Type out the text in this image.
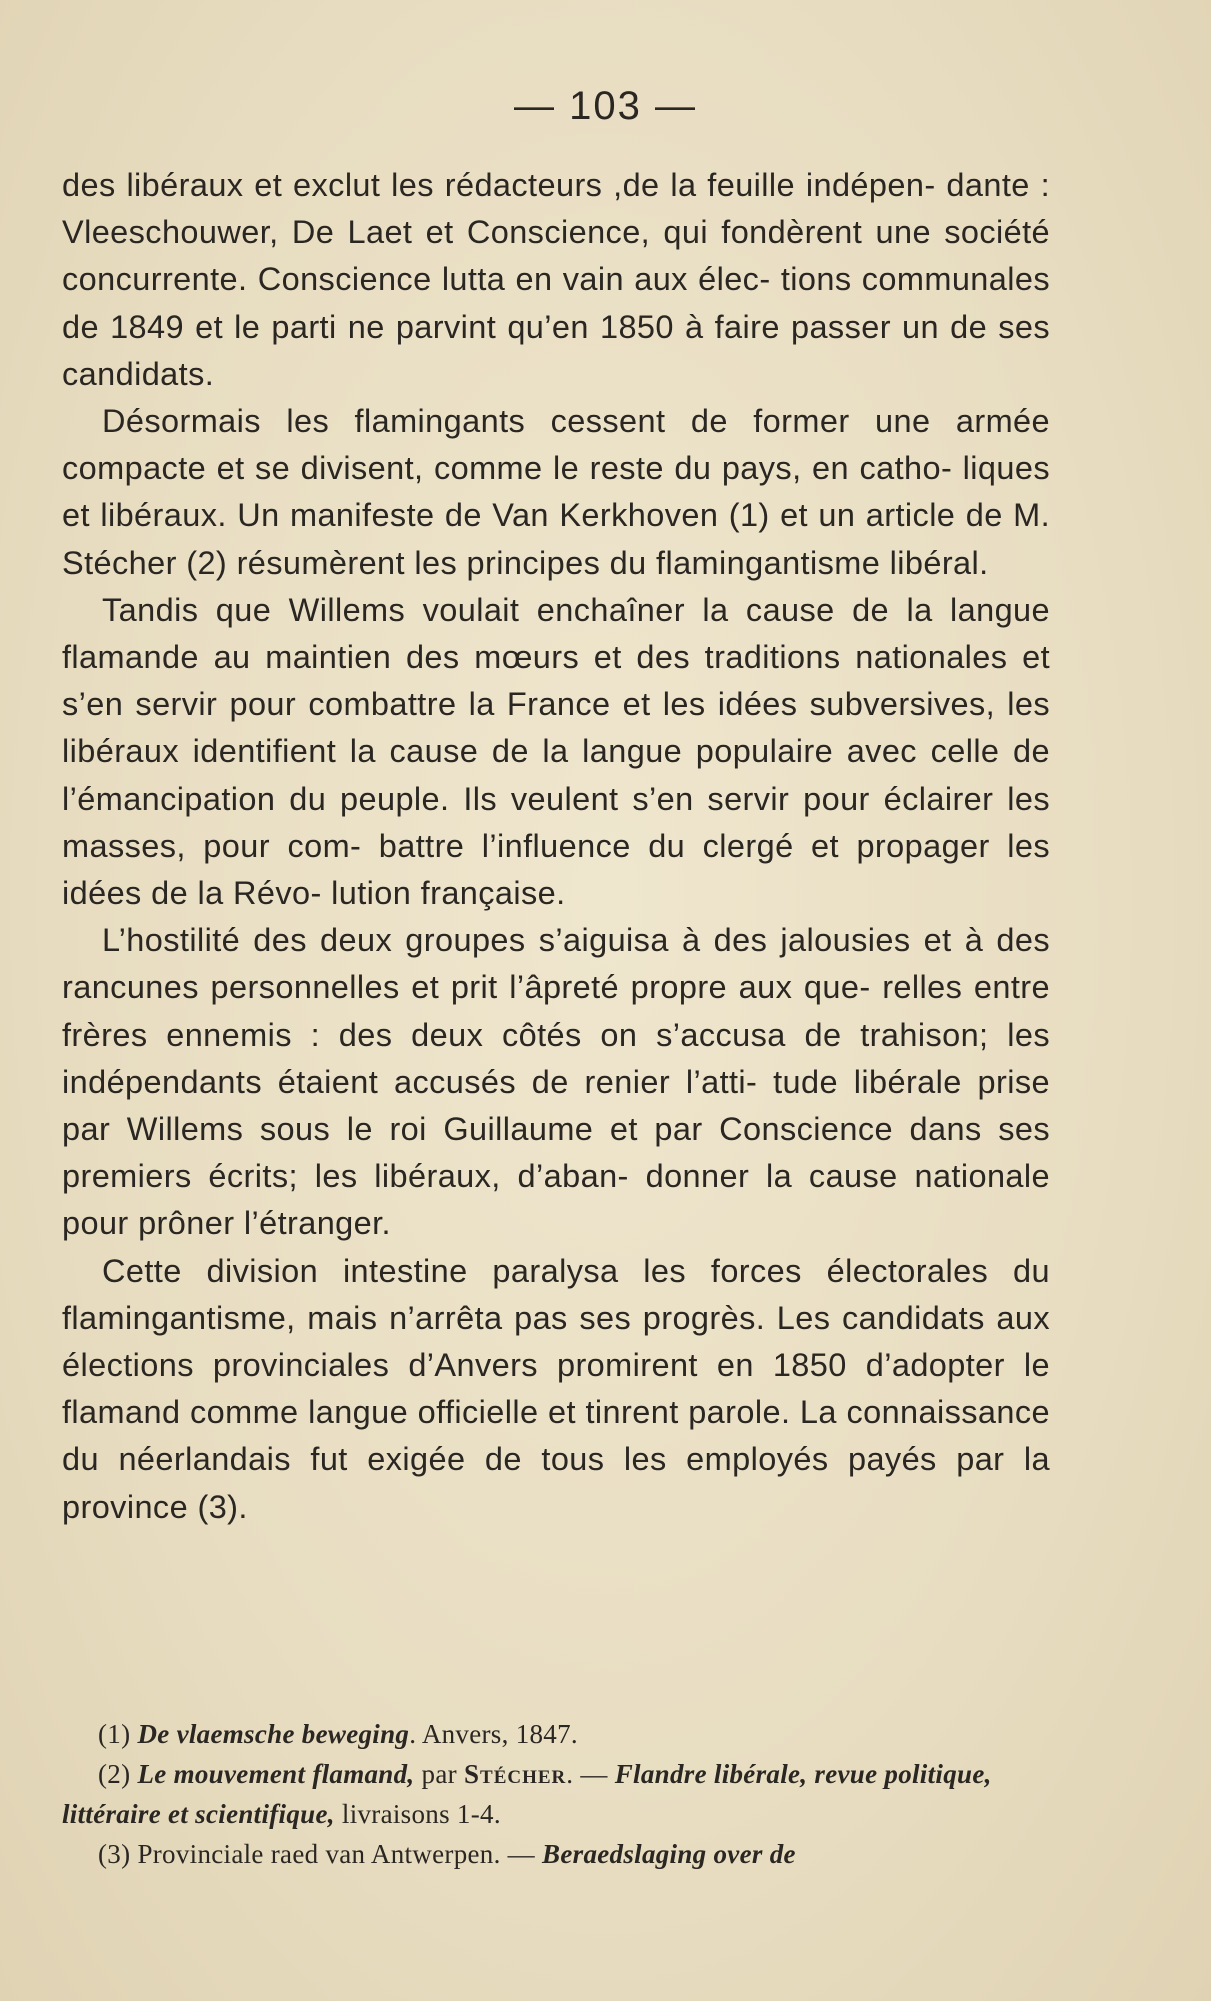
— 103 —

des libéraux et exclut les rédacteurs ,de la feuille indépen- dante : Vleeschouwer, De Laet et Conscience, qui fondèrent une société concurrente. Conscience lutta en vain aux élec- tions communales de 1849 et le parti ne parvint qu’en 1850 à faire passer un de ses candidats.

Désormais les flamingants cessent de former une armée compacte et se divisent, comme le reste du pays, en catho- liques et libéraux. Un manifeste de Van Kerkhoven (1) et un article de M. Stécher (2) résumèrent les principes du flamingantisme libéral.

Tandis que Willems voulait enchaîner la cause de la langue flamande au maintien des mœurs et des traditions nationales et s’en servir pour combattre la France et les idées subversives, les libéraux identifient la cause de la langue populaire avec celle de l’émancipation du peuple. Ils veulent s’en servir pour éclairer les masses, pour com- battre l’influence du clergé et propager les idées de la Révo- lution française.

L’hostilité des deux groupes s’aiguisa à des jalousies et à des rancunes personnelles et prit l’âpreté propre aux que- relles entre frères ennemis : des deux côtés on s’accusa de trahison; les indépendants étaient accusés de renier l’atti- tude libérale prise par Willems sous le roi Guillaume et par Conscience dans ses premiers écrits; les libéraux, d’aban- donner la cause nationale pour prôner l’étranger.

Cette division intestine paralysa les forces électorales du flamingantisme, mais n’arrêta pas ses progrès. Les candidats aux élections provinciales d’Anvers promirent en 1850 d’adopter le flamand comme langue officielle et tinrent parole. La connaissance du néerlandais fut exigée de tous les employés payés par la province (3).

(1) De vlaemsche beweging. Anvers, 1847.

(2) Le mouvement flamand, par Stécher. — Flandre libérale, revue politique, littéraire et scientifique, livraisons 1-4.

(3) Provinciale raed van Antwerpen. — Beraedslaging over de
